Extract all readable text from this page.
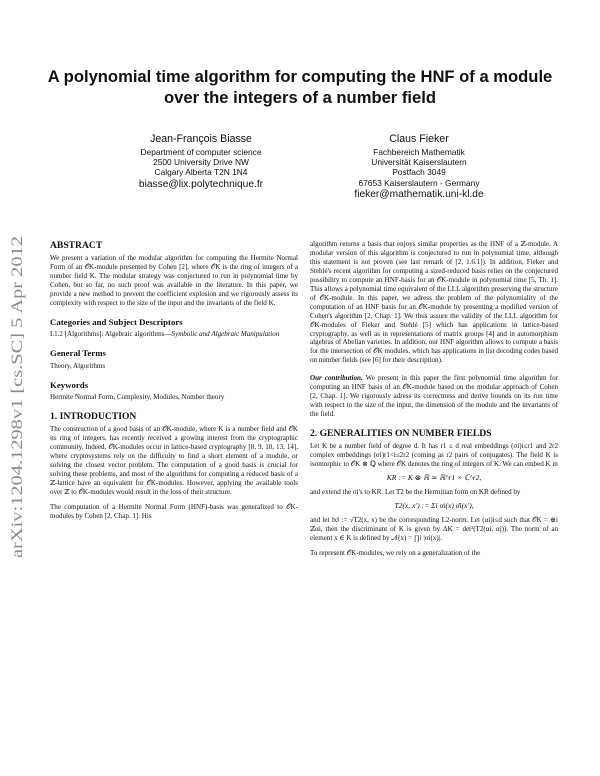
arXiv:1204.1298v1 [cs.SC] 5 Apr 2012
A polynomial time algorithm for computing the HNF of a module over the integers of a number field
Jean-François Biasse
Department of computer science
2500 University Drive NW
Calgary Alberta T2N 1N4
biasse@lix.polytechnique.fr
Claus Fieker
Fachbereich Mathematik
Universität Kaiserslautern
Postfach 3049
67653 Kaiserslautern - Germany
fieker@mathematik.uni-kl.de
ABSTRACT

We present a variation of the modular algorithm for computing the Hermite Normal Form of an 𝒪K-module presented by Cohen [2], where 𝒪K is the ring of integers of a number field K. The modular strategy was conjectured to run in polynomial time by Cohen, but so far, no such proof was available in the literature. In this paper, we provide a new method to prevent the coefficient explosion and we rigorously assess its complexity with respect to the size of the input and the invariants of the field K.

Categories and Subject Descriptors

I.1.2 [Algorithms]: Algebraic algorithms—Symbolic and Algebraic Manipulation

General Terms

Theory, Algorithms

Keywords

Hermite Normal Form, Complexity, Modules, Number theory

1. INTRODUCTION

The construction of a good basis of an 𝒪K-module, where K is a number field and 𝒪K its ring of integers, has recently received a growing interest from the cryptographic community. Indeed, 𝒪K-modules occur in lattice-based cryptography [8, 9, 10, 13, 14], where cryptosystems rely on the difficulty to find a short element of a module, or solving the closest vector problem. The computation of a good basis is crucial for solving these problems, and most of the algorithms for computing a reduced basis of a ℤ-lattice have an equivalent for 𝒪K-modules. However, applying the available tools over ℤ to 𝒪K-modules would result in the loss of their structure.

The computation of a Hermite Normal Form (HNF)-basis was generalized to 𝒪K-modules by Cohen [2, Chap. 1]. His

algorithm returns a basis that enjoys similar properties as the HNF of a ℤ-module. A modular version of this algorithm is conjectured to run in polynomial time, although this statement is not proven (see last remark of [2, 1.6.1]). In addition, Fieker and Stehlé's recent algorithm for computing a sized-reduced basis relies on the conjectured possibility to compute an HNF-basis for an 𝒪K-module in polynomial time [5, Th. 1]. This allows a polynomial time equivalent of the LLL algorithm preserving the structure of 𝒪K-module. In this paper, we adress the problem of the polynomiality of the computation of an HNF basis for an 𝒪K-module by presenting a modified version of Cohen's algorithm [2, Chap. 1]. We thus assure the validity of the LLL algorithm for 𝒪K-modules of Fieker and Stehlé [5] which has applications in lattice-based cryptography, as well as in representations of matrix groups [4] and in automorphism algebras of Abelian varieties. In addition, our HNF algorithm allows to compute a basis for the intersection of 𝒪K modules, which has applications in list decoding codes based on number fields (see [6] for their description).

Our contribution. We present in this paper the first polynomial time algorithm for computing an HNF basis of an 𝒪K-module based on the modular approach of Cohen [2, Chap. 1]. We rigorously adress its correctness and derive bounds on its run time with respect to the size of the input, the dimension of the module and the invariants of the field.

2. GENERALITIES ON NUMBER FIELDS

Let K be a number field of degree d. It has r1 ≤ d real embeddings (σi)i≤r1 and 2r2 complex embeddings (σi)r1<i≤2r2 (coming as r2 pairs of conjugates). The field K is isomorphic to 𝒪K ⊗ ℚ where 𝒪K denotes the ring of integers of K. We can embed K in

KR := K ⊗ ℝ ≃ ℝ^r1 × ℂ^r2,

and extend the σi's to KR. Let T2 be the Hermitian form on KR defined by

T2(x, x′) := Σi σi(x) σ̄i(x′),

and let ‖x‖ := √T2(x, x) be the corresponding L2-norm. Let (αi)i≤d such that 𝒪K = ⊕i ℤαi, then the discriminant of K is given by ΔK = det²(T2(αi, αj)). The norm of an element x ∈ K is defined by 𝒩(x) = ∏i |σi(x)|.

To represent 𝒪K-modules, we rely on a generalization of the
